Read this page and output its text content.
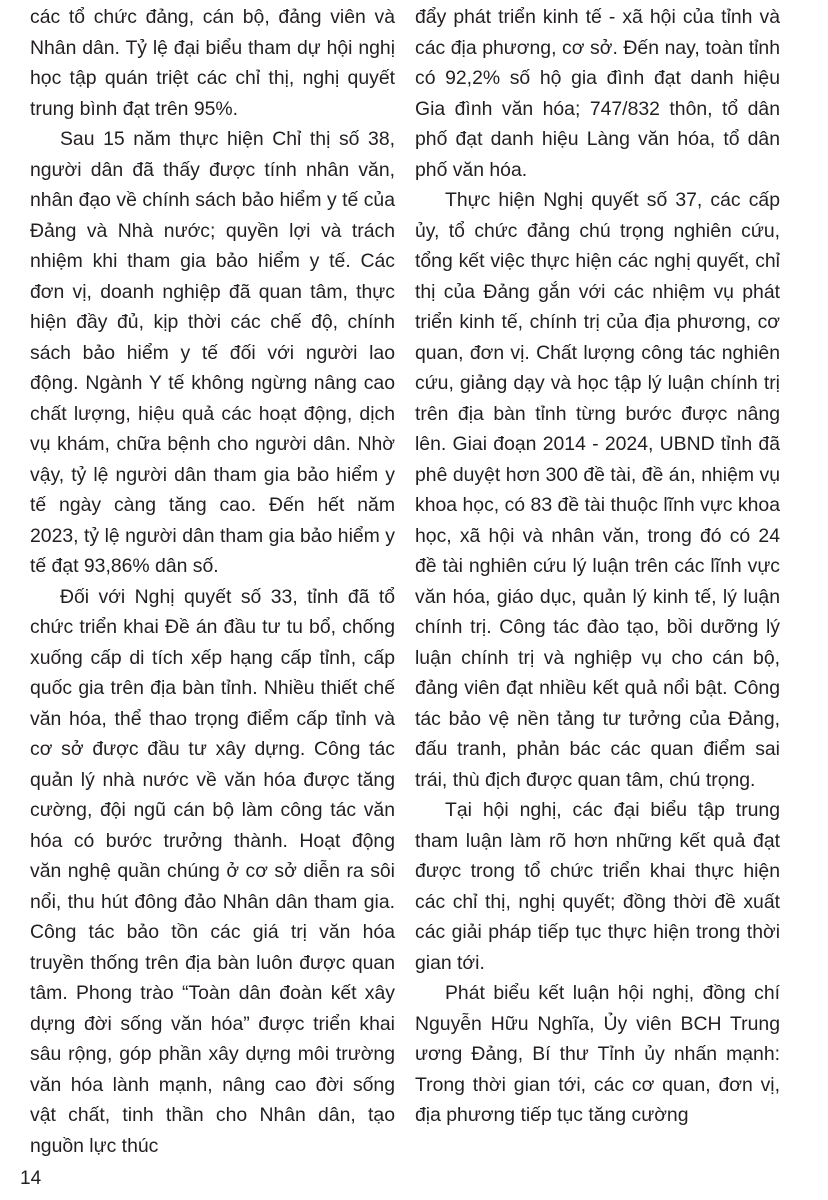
các tổ chức đảng, cán bộ, đảng viên và Nhân dân. Tỷ lệ đại biểu tham dự hội nghị học tập quán triệt các chỉ thị, nghị quyết trung bình đạt trên 95%.

Sau 15 năm thực hiện Chỉ thị số 38, người dân đã thấy được tính nhân văn, nhân đạo về chính sách bảo hiểm y tế của Đảng và Nhà nước; quyền lợi và trách nhiệm khi tham gia bảo hiểm y tế. Các đơn vị, doanh nghiệp đã quan tâm, thực hiện đầy đủ, kịp thời các chế độ, chính sách bảo hiểm y tế đối với người lao động. Ngành Y tế không ngừng nâng cao chất lượng, hiệu quả các hoạt động, dịch vụ khám, chữa bệnh cho người dân. Nhờ vậy, tỷ lệ người dân tham gia bảo hiểm y tế ngày càng tăng cao. Đến hết năm 2023, tỷ lệ người dân tham gia bảo hiểm y tế đạt 93,86% dân số.

Đối với Nghị quyết số 33, tỉnh đã tổ chức triển khai Đề án đầu tư tu bổ, chống xuống cấp di tích xếp hạng cấp tỉnh, cấp quốc gia trên địa bàn tỉnh. Nhiều thiết chế văn hóa, thể thao trọng điểm cấp tỉnh và cơ sở được đầu tư xây dựng. Công tác quản lý nhà nước về văn hóa được tăng cường, đội ngũ cán bộ làm công tác văn hóa có bước trưởng thành. Hoạt động văn nghệ quần chúng ở cơ sở diễn ra sôi nổi, thu hút đông đảo Nhân dân tham gia. Công tác bảo tồn các giá trị văn hóa truyền thống trên địa bàn luôn được quan tâm. Phong trào “Toàn dân đoàn kết xây dựng đời sống văn hóa” được triển khai sâu rộng, góp phần xây dựng môi trường văn hóa lành mạnh, nâng cao đời sống vật chất, tinh thần cho Nhân dân, tạo nguồn lực thúc

đẩy phát triển kinh tế - xã hội của tỉnh và các địa phương, cơ sở. Đến nay, toàn tỉnh có 92,2% số hộ gia đình đạt danh hiệu Gia đình văn hóa; 747/832 thôn, tổ dân phố đạt danh hiệu Làng văn hóa, tổ dân phố văn hóa.

Thực hiện Nghị quyết số 37, các cấp ủy, tổ chức đảng chú trọng nghiên cứu, tổng kết việc thực hiện các nghị quyết, chỉ thị của Đảng gắn với các nhiệm vụ phát triển kinh tế, chính trị của địa phương, cơ quan, đơn vị. Chất lượng công tác nghiên cứu, giảng dạy và học tập lý luận chính trị trên địa bàn tỉnh từng bước được nâng lên. Giai đoạn 2014 - 2024, UBND tỉnh đã phê duyệt hơn 300 đề tài, đề án, nhiệm vụ khoa học, có 83 đề tài thuộc lĩnh vực khoa học, xã hội và nhân văn, trong đó có 24 đề tài nghiên cứu lý luận trên các lĩnh vực văn hóa, giáo dục, quản lý kinh tế, lý luận chính trị. Công tác đào tạo, bồi dưỡng lý luận chính trị và nghiệp vụ cho cán bộ, đảng viên đạt nhiều kết quả nổi bật. Công tác bảo vệ nền tảng tư tưởng của Đảng, đấu tranh, phản bác các quan điểm sai trái, thù địch được quan tâm, chú trọng.

Tại hội nghị, các đại biểu tập trung tham luận làm rõ hơn những kết quả đạt được trong tổ chức triển khai thực hiện các chỉ thị, nghị quyết; đồng thời đề xuất các giải pháp tiếp tục thực hiện trong thời gian tới.

Phát biểu kết luận hội nghị, đồng chí Nguyễn Hữu Nghĩa, Ủy viên BCH Trung ương Đảng, Bí thư Tỉnh ủy nhấn mạnh: Trong thời gian tới, các cơ quan, đơn vị, địa phương tiếp tục tăng cường

14
